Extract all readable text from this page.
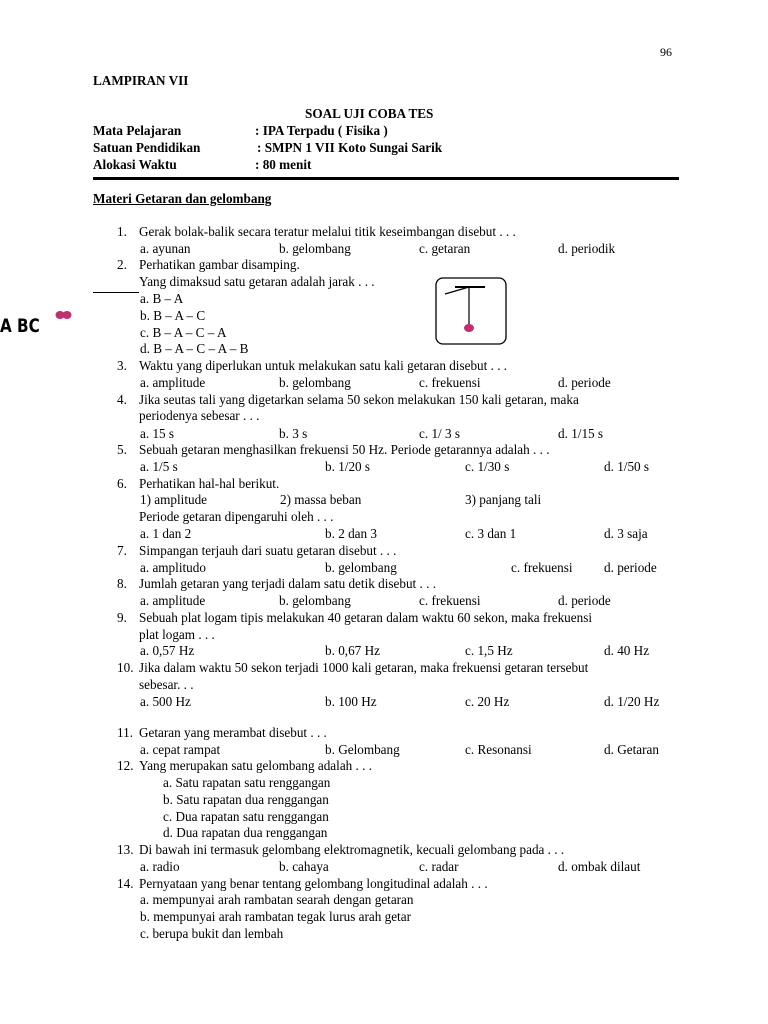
96
LAMPIRAN VII
SOAL UJI COBA TES
Mata Pelajaran	: IPA Terpadu ( Fisika )
Satuan Pendidikan	: SMPN 1 VII Koto Sungai Sarik
Alokasi Waktu	: 80 menit
Materi Getaran dan gelombang
A BC
1. Gerak bolak-balik secara teratur melalui titik keseimbangan disebut . . .
a. ayunan	b. gelombang	c. getaran	d. periodik
2. Perhatikan gambar disamping.
Yang dimaksud satu getaran adalah jarak . . .
a. B – A
b. B – A – C
c. B – A – C – A
d. B – A – C – A – B
3. Waktu yang diperlukan untuk melakukan satu kali getaran disebut . . .
a. amplitude	b. gelombang	c. frekuensi	d. periode
4. Jika seutas tali yang digetarkan selama 50 sekon melakukan 150 kali getaran, maka
periodenya sebesar . . .
a. 15 s	b. 3 s	c. 1/ 3 s	d. 1/15 s
5. Sebuah getaran menghasilkan frekuensi 50 Hz. Periode getarannya adalah . . .
a. 1/5 s	b. 1/20 s	c. 1/30 s	d. 1/50 s
6. Perhatikan hal-hal berikut.
1) amplitude	2) massa beban	3) panjang tali
Periode getaran dipengaruhi oleh . . .
a. 1 dan 2	b. 2 dan 3	c. 3 dan 1	d. 3 saja
7. Simpangan terjauh dari suatu getaran disebut . . .
a. amplitudo	b. gelombang	c. frekuensi d. periode
8. Jumlah getaran yang terjadi dalam satu detik disebut . . .
a. amplitude	b. gelombang	c. frekuensi	d. periode
9. Sebuah plat logam tipis melakukan 40 getaran dalam waktu 60 sekon, maka frekuensi
plat logam . . .
a. 0,57 Hz	b. 0,67 Hz	c. 1,5 Hz	d. 40 Hz
10. Jika dalam waktu 50 sekon terjadi 1000 kali getaran, maka frekuensi getaran tersebut
sebesar. . .
a. 500 Hz	b. 100 Hz	c. 20 Hz	d. 1/20 Hz
11. Getaran yang merambat disebut . . .
a. cepat rampat	b. Gelombang	c. Resonansi	d. Getaran
12. Yang merupakan satu gelombang adalah . . .
a. Satu rapatan satu renggangan
b. Satu rapatan dua renggangan
c. Dua rapatan satu renggangan
d. Dua rapatan dua renggangan
13. Di bawah ini termasuk gelombang elektromagnetik, kecuali gelombang pada . . .
a. radio	b. cahaya	c. radar	d. ombak dilaut
14. Pernyataan yang benar tentang gelombang longitudinal adalah . . .
a. mempunyai arah rambatan searah dengan getaran
b. mempunyai arah rambatan tegak lurus arah getar
c. berupa bukit dan lembah
